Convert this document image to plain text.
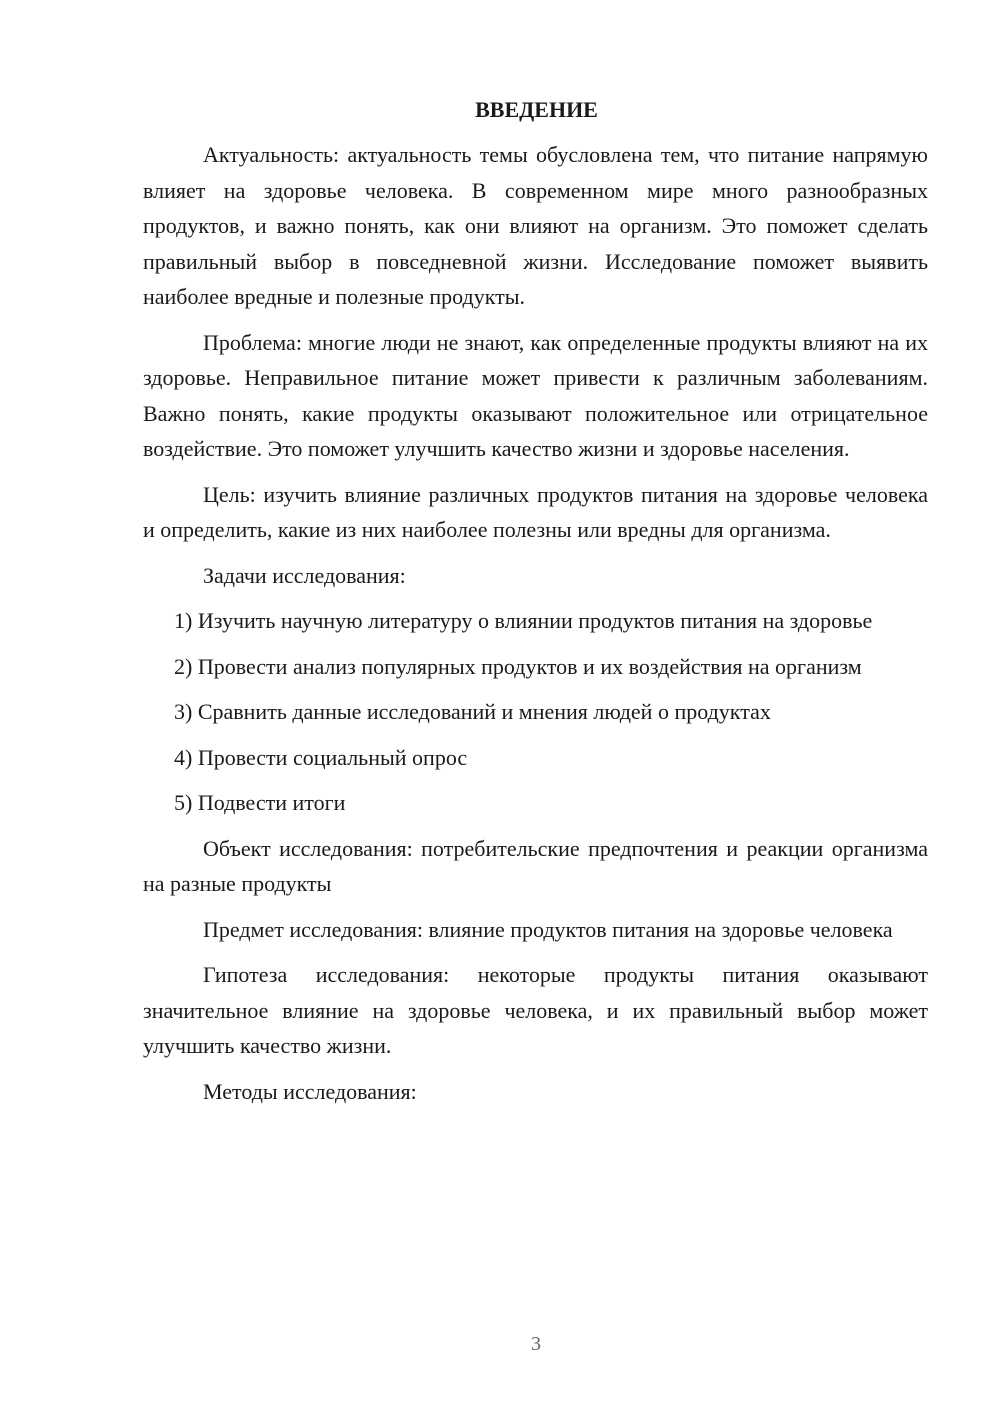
ВВЕДЕНИЕ

Актуальность: актуальность темы обусловлена тем, что питание напрямую влияет на здоровье человека. В современном мире много разнообразных продуктов, и важно понять, как они влияют на организм. Это поможет сделать правильный выбор в повседневной жизни. Исследование поможет выявить наиболее вредные и полезные продукты.

Проблема: многие люди не знают, как определенные продукты влияют на их здоровье. Неправильное питание может привести к различным заболеваниям. Важно понять, какие продукты оказывают положительное или отрицательное воздействие. Это поможет улучшить качество жизни и здоровье населения.

Цель: изучить влияние различных продуктов питания на здоровье человека и определить, какие из них наиболее полезны или вредны для организма.

Задачи исследования:

1) Изучить научную литературу о влиянии продуктов питания на здоровье

2) Провести анализ популярных продуктов и их воздействия на организм

3) Сравнить данные исследований и мнения людей о продуктах

4) Провести социальный опрос

5) Подвести итоги

Объект исследования: потребительские предпочтения и реакции организма на разные продукты

Предмет исследования: влияние продуктов питания на здоровье человека

Гипотеза исследования: некоторые продукты питания оказывают значительное влияние на здоровье человека, и их правильный выбор может улучшить качество жизни.

Методы исследования:

3
